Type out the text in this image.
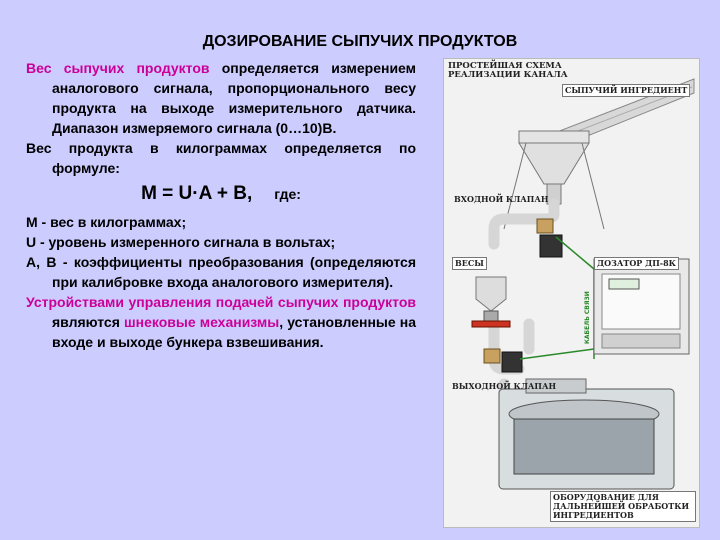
ДОЗИРОВАНИЕ СЫПУЧИХ ПРОДУКТОВ

Вес сыпучих продуктов определяется измерением аналогового сигнала, пропорционального весу продукта на выходе измерительного датчика. Диапазон измеряемого сигнала (0…10)В.

Вес продукта в килограммах определяется по формуле:

M = U·A + B, где:

М - вес в килограммах;

U - уровень измеренного сигнала в вольтах;

A, B - коэффициенты преобразования (определяются при калибровке входа аналогового измерителя).

Устройствами управления подачей сыпучих продуктов являются шнековые механизмы, установленные на входе и выходе бункера взвешивания.

ПРОСТЕЙШАЯ СХЕМА РЕАЛИЗАЦИИ КАНАЛА
СЫПУЧИЙ ИНГРЕДИЕНТ
ВХОДНОЙ КЛАПАН
ВЕСЫ	ДОЗАТОР ДП-8К
ВЫХОДНОЙ КЛАПАН
ОБОРУДОВАНИЕ ДЛЯ ДАЛЬНЕЙШЕЙ ОБРАБОТКИ ИНГРЕДИЕНТОВ
КАБЕЛЬ СВЯЗИ
